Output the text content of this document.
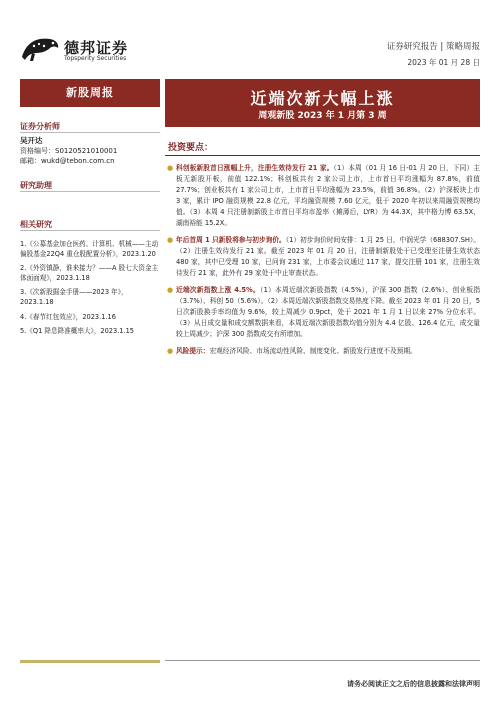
德邦证券
Topsperity Securities
证券研究报告 | 策略周报
2023 年 01 月 28 日
新股周报
证券分析师
吴开达
资格编号：S0120521010001
邮箱：wukd@tebon.com.cn
研究助理
相关研究
1.《公募基金加仓医药、计算机、机械——主动偏股基金22Q4 重仓股配置分析》，2023.1.20
2.《外资镇静，谁来接力？——A 股七大资金主体面面观》，2023.1.18
3.《次新股掘金手册——2023 年》，2023.1.18
4.《春节红包效应》，2023.1.16
5.《Q1 降息降准概率大》，2023.1.15
近端次新大幅上涨
周观新股 2023 年 1 月第 3 周
投资要点：
● 科创板新股首日涨幅上升，注册生效待发行 21 家。（1）本周（01 月 16 日-01 月 20 日，下同）主板无新股开板，前值 122.1%；科创板共有 2 家公司上市，上市首日平均涨幅为 87.8%，前值 27.7%；创业板共有 1 家公司上市，上市首日平均涨幅为 23.5%，前值 36.8%。（2）沪深板块上市 3 家，累计 IPO 融资规模 22.8 亿元，平均融资规模 7.60 亿元，低于 2020 年初以来周融资规模均值。（3）本周 4 只注册制新股上市首日平均市盈率（摊薄后，LYR）为 44.3X，其中格力博 63.5X，湖南裕能 15.2X。
● 年后首周 1 只新股将参与初步询价。（1）初步询价时间安排：1 月 25 日，中润光学（688307.SH）。（2）注册生效待发行 21 家。截至 2023 年 01 月 20 日，注册制新股处于已受理至注册生效状态 480 家，其中已受理 10 家，已问询 231 家，上市委会议通过 117 家，提交注册 101 家，注册生效待发行 21 家，此外有 29 家处于中止审查状态。
● 近端次新指数上涨 4.5%。（1）本周近端次新股指数（4.5%），沪深 300 指数（2.6%）、创业板指（3.7%）、科创 50（5.6%）。（2）本周近端次新股指数交易热度下降。截至 2023 年 01 月 20 日，5 日次新股换手率均值为 9.6%，较上周减少 0.9pct，处于 2021 年 1 月 1 日以来 27% 分位水平。（3）从日成交量和成交额数据来看，本周近端次新股指数均值分别为 4.4 亿股、126.4 亿元，成交量较上周减少；沪深 300 指数成交有所增加。
● 风险提示：宏观经济风险、市场流动性风险、制度变化、新股发行进度不及预期。
请务必阅读正文之后的信息披露和法律声明
